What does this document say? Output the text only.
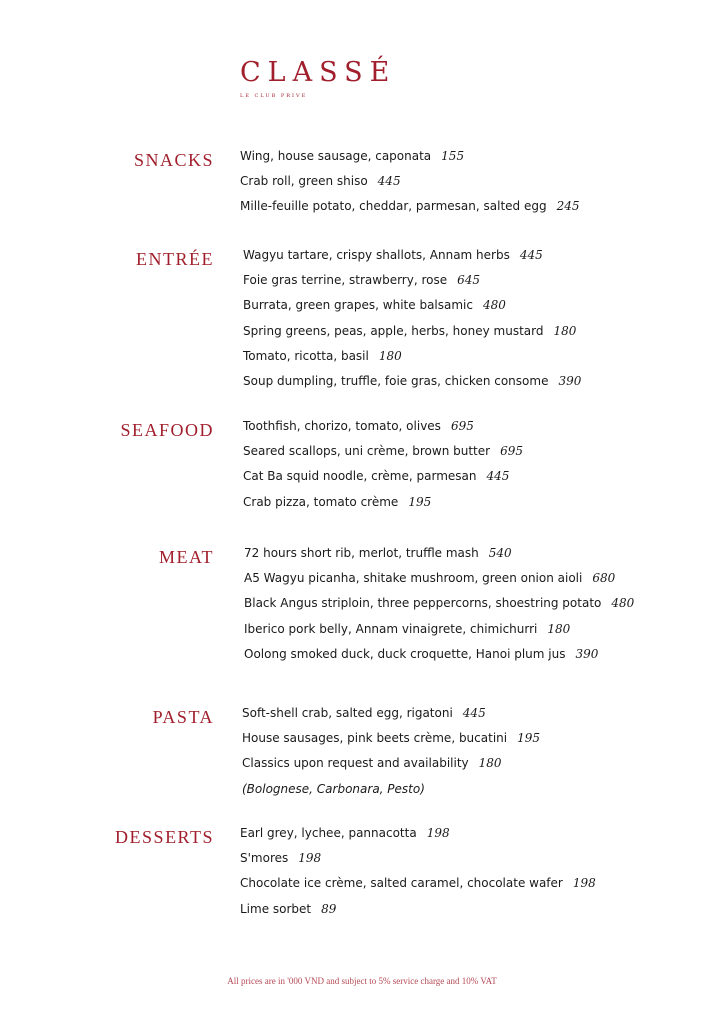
CLASSÉ
LE CLUB PRIVE
SNACKS Wing, house sausage, caponata 155
Crab roll, green shiso 445
Mille-feuille potato, cheddar, parmesan, salted egg 245
ENTRÉE Wagyu tartare, crispy shallots, Annam herbs 445
Foie gras terrine, strawberry, rose 645
Burrata, green grapes, white balsamic 480
Spring greens, peas, apple, herbs, honey mustard 180
Tomato, ricotta, basil 180
Soup dumpling, truffle, foie gras, chicken consome 390
SEAFOOD Toothfish, chorizo, tomato, olives 695
Seared scallops, uni crème, brown butter 695
Cat Ba squid noodle, crème, parmesan 445
Crab pizza, tomato crème 195
MEAT	72 hours short rib, merlot, truffle mash 540
A5 Wagyu picanha, shitake mushroom, green onion aioli 680
Black Angus striploin, three peppercorns, shoestring potato 480
Iberico pork belly, Annam vinaigrete, chimichurri 180
Oolong smoked duck, duck croquette, Hanoi plum jus 390
PASTA Soft-shell crab, salted egg, rigatoni 445
House sausages, pink beets crème, bucatini 195
Classics upon request and availability 180
(Bolognese, Carbonara, Pesto)
DESSERTS Earl grey, lychee, pannacotta 198
S'mores 198
Chocolate ice crème, salted caramel, chocolate wafer 198
Lime sorbet 89
All prices are in '000 VND and subject to 5% service charge and 10% VAT
